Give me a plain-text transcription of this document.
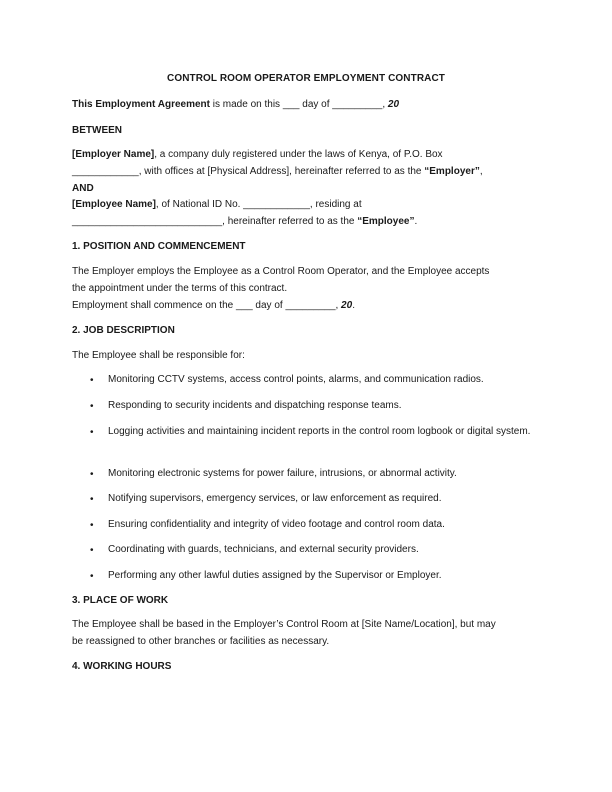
CONTROL ROOM OPERATOR EMPLOYMENT CONTRACT
This Employment Agreement is made on this ___ day of _________, 20
BETWEEN
[Employer Name], a company duly registered under the laws of Kenya, of P.O. Box
____________, with offices at [Physical Address], hereinafter referred to as the “Employer”,
AND
[Employee Name], of National ID No. ____________, residing at
___________________________, hereinafter referred to as the “Employee”.
1. POSITION AND COMMENCEMENT
The Employer employs the Employee as a Control Room Operator, and the Employee accepts
the appointment under the terms of this contract.
Employment shall commence on the ___ day of _________, 20.
2. JOB DESCRIPTION
The Employee shall be responsible for:
• Monitoring CCTV systems, access control points, alarms, and communication radios.
• Responding to security incidents and dispatching response teams.
• Logging activities and maintaining incident reports in the control room logbook or digital system.
• Monitoring electronic systems for power failure, intrusions, or abnormal activity.
• Notifying supervisors, emergency services, or law enforcement as required.
• Ensuring confidentiality and integrity of video footage and control room data.
• Coordinating with guards, technicians, and external security providers.
• Performing any other lawful duties assigned by the Supervisor or Employer.
3. PLACE OF WORK
The Employee shall be based in the Employer’s Control Room at [Site Name/Location], but may
be reassigned to other branches or facilities as necessary.
4. WORKING HOURS
